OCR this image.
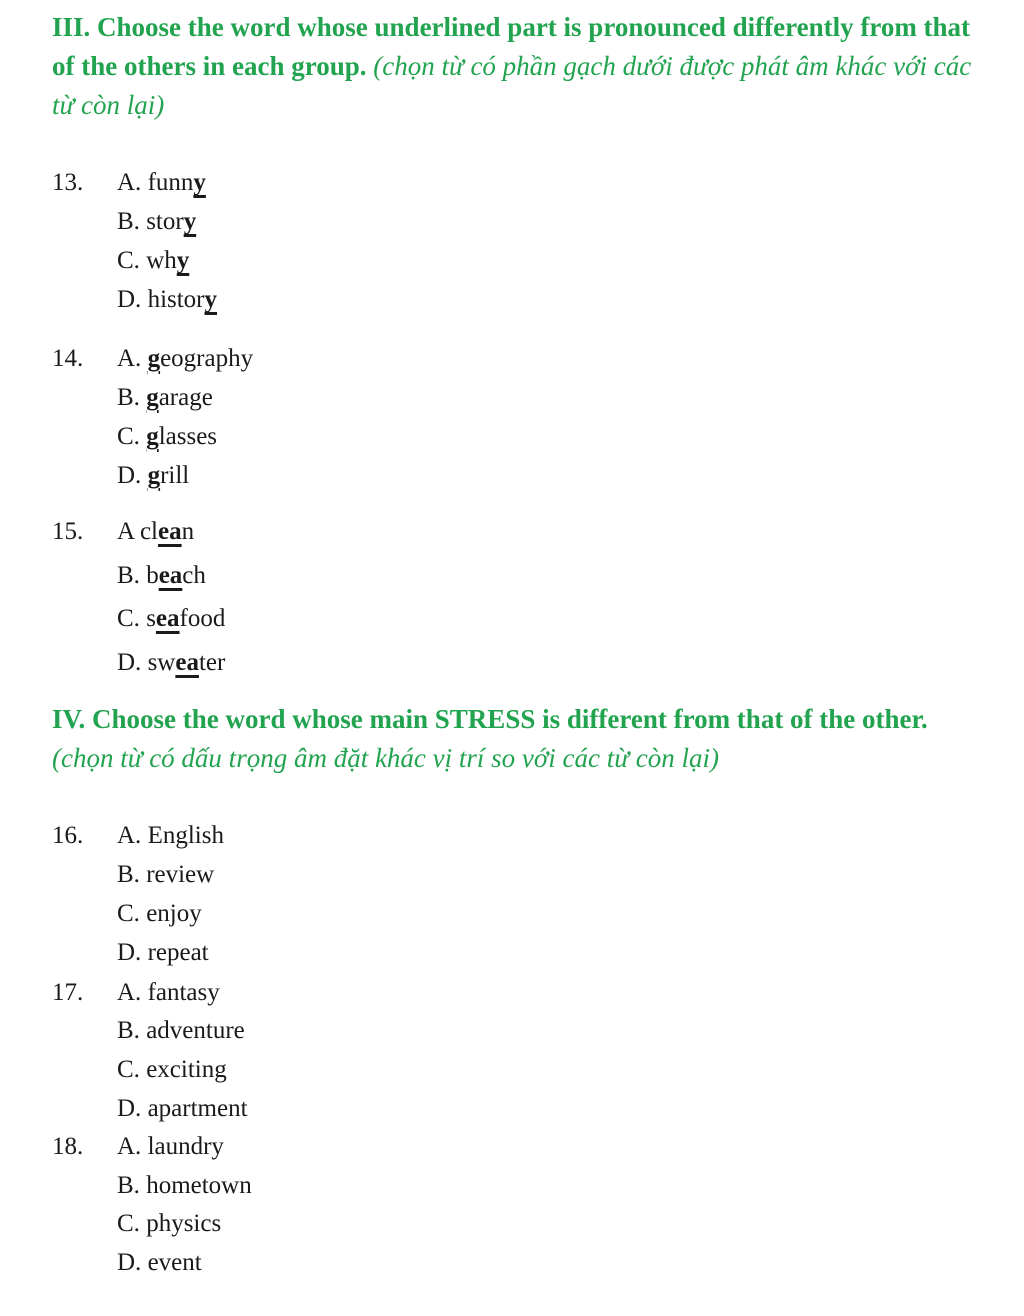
III. Choose the word whose underlined part is pronounced differently from that of the others in each group. (chọn từ có phần gạch dưới được phát âm khác với các từ còn lại)
13. A. funny
B. story
C. why
D. history
14. A. geography
B. garage
C. glasses
D. grill
15. A clean
B. beach
C. seafood
D. sweater
IV. Choose the word whose main STRESS is different from that of the other. (chọn từ có dấu trọng âm đặt khác vị trí so với các từ còn lại)
16. A. English
B. review
C. enjoy
D. repeat
17. A. fantasy
B. adventure
C. exciting
D. apartment
18. A. laundry
B. hometown
C. physics
D. event
